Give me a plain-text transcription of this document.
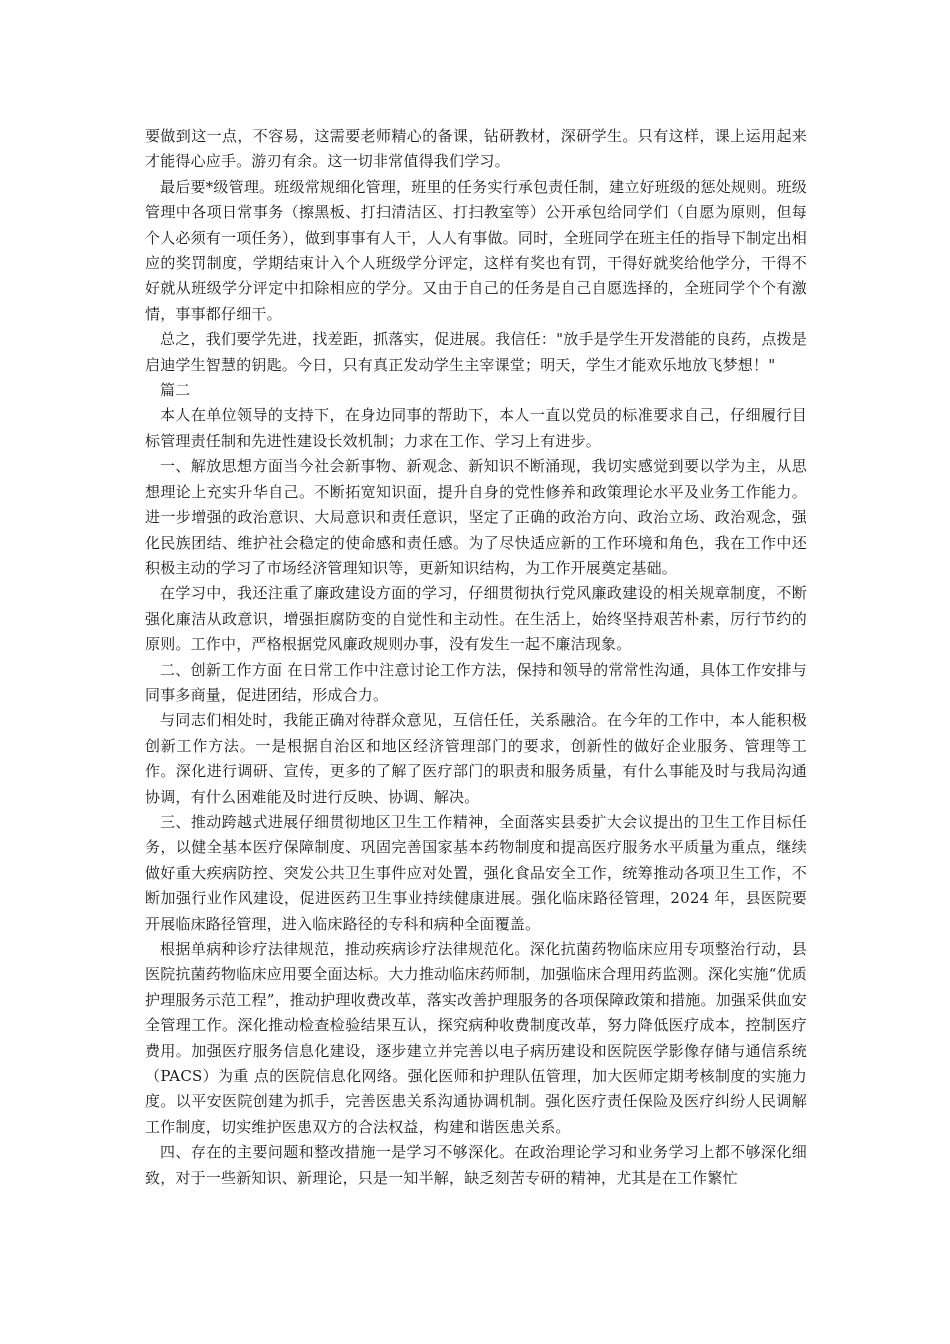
要做到这一点，不容易，这需要老师精心的备课，钻研教材，深研学生。只有这样，课上运用起来才能得心应手。游刃有余。这一切非常值得我们学习。

最后要*级管理。班级常规细化管理，班里的任务实行承包责任制，建立好班级的惩处规则。班级管理中各项日常事务（擦黑板、打扫清洁区、打扫教室等）公开承包给同学们（自愿为原则，但每个人必须有一项任务），做到事事有人干，人人有事做。同时，全班同学在班主任的指导下制定出相应的奖罚制度，学期结束计入个人班级学分评定，这样有奖也有罚，干得好就奖给他学分，干得不好就从班级学分评定中扣除相应的学分。又由于自己的任务是自己自愿选择的，全班同学个个有激情，事事都仔细干。

总之，我们要学先进，找差距，抓落实，促进展。我信任："放手是学生开发潜能的良药，点拨是启迪学生智慧的钥匙。今日，只有真正发动学生主宰课堂；明天，学生才能欢乐地放飞梦想！"

篇二

本人在单位领导的支持下，在身边同事的帮助下，本人一直以党员的标准要求自己，仔细履行目标管理责任制和先进性建设长效机制；力求在工作、学习上有进步。

一、解放思想方面当今社会新事物、新观念、新知识不断涌现，我切实感觉到要以学为主，从思想理论上充实升华自己。不断拓宽知识面，提升自身的党性修养和政策理论水平及业务工作能力。进一步增强的政治意识、大局意识和责任意识，坚定了正确的政治方向、政治立场、政治观念，强化民族团结、维护社会稳定的使命感和责任感。为了尽快适应新的工作环境和角色，我在工作中还积极主动的学习了市场经济管理知识等，更新知识结构，为工作开展奠定基础。

在学习中，我还注重了廉政建设方面的学习，仔细贯彻执行党风廉政建设的相关规章制度，不断强化廉洁从政意识，增强拒腐防变的自觉性和主动性。在生活上，始终坚持艰苦朴素，厉行节约的原则。工作中，严格根据党风廉政规则办事，没有发生一起不廉洁现象。

二、创新工作方面 在日常工作中注意讨论工作方法，保持和领导的常常性沟通，具体工作安排与同事多商量，促进团结，形成合力。

与同志们相处时，我能正确对待群众意见，互信任任，关系融洽。在今年的工作中，本人能积极创新工作方法。一是根据自治区和地区经济管理部门的要求，创新性的做好企业服务、管理等工作。深化进行调研、宣传，更多的了解了医疗部门的职责和服务质量，有什么事能及时与我局沟通协调，有什么困难能及时进行反映、协调、解决。

三、推动跨越式进展仔细贯彻地区卫生工作精神，全面落实县委扩大会议提出的卫生工作目标任务，以健全基本医疗保障制度、巩固完善国家基本药物制度和提高医疗服务水平质量为重点，继续做好重大疾病防控、突发公共卫生事件应对处置，强化食品安全工作，统筹推动各项卫生工作，不断加强行业作风建设，促进医药卫生事业持续健康进展。强化临床路径管理，2024 年，县医院要开展临床路径管理，进入临床路径的专科和病种全面覆盖。

根据单病种诊疗法律规范，推动疾病诊疗法律规范化。深化抗菌药物临床应用专项整治行动，县医院抗菌药物临床应用要全面达标。大力推动临床药师制，加强临床合理用药监测。深化实施“优质护理服务示范工程”，推动护理收费改革，落实改善护理服务的各项保障政策和措施。加强采供血安全管理工作。深化推动检查检验结果互认，探究病种收费制度改革，努力降低医疗成本，控制医疗费用。加强医疗服务信息化建设，逐步建立并完善以电子病历建设和医院医学影像存储与通信系统（PACS）为重 点的医院信息化网络。强化医师和护理队伍管理，加大医师定期考核制度的实施力度。以平安医院创建为抓手，完善医患关系沟通协调机制。强化医疗责任保险及医疗纠纷人民调解工作制度，切实维护医患双方的合法权益，构建和谐医患关系。

四、存在的主要问题和整改措施一是学习不够深化。在政治理论学习和业务学习上都不够深化细致，对于一些新知识、新理论，只是一知半解，缺乏刻苦专研的精神，尤其是在工作繁忙
